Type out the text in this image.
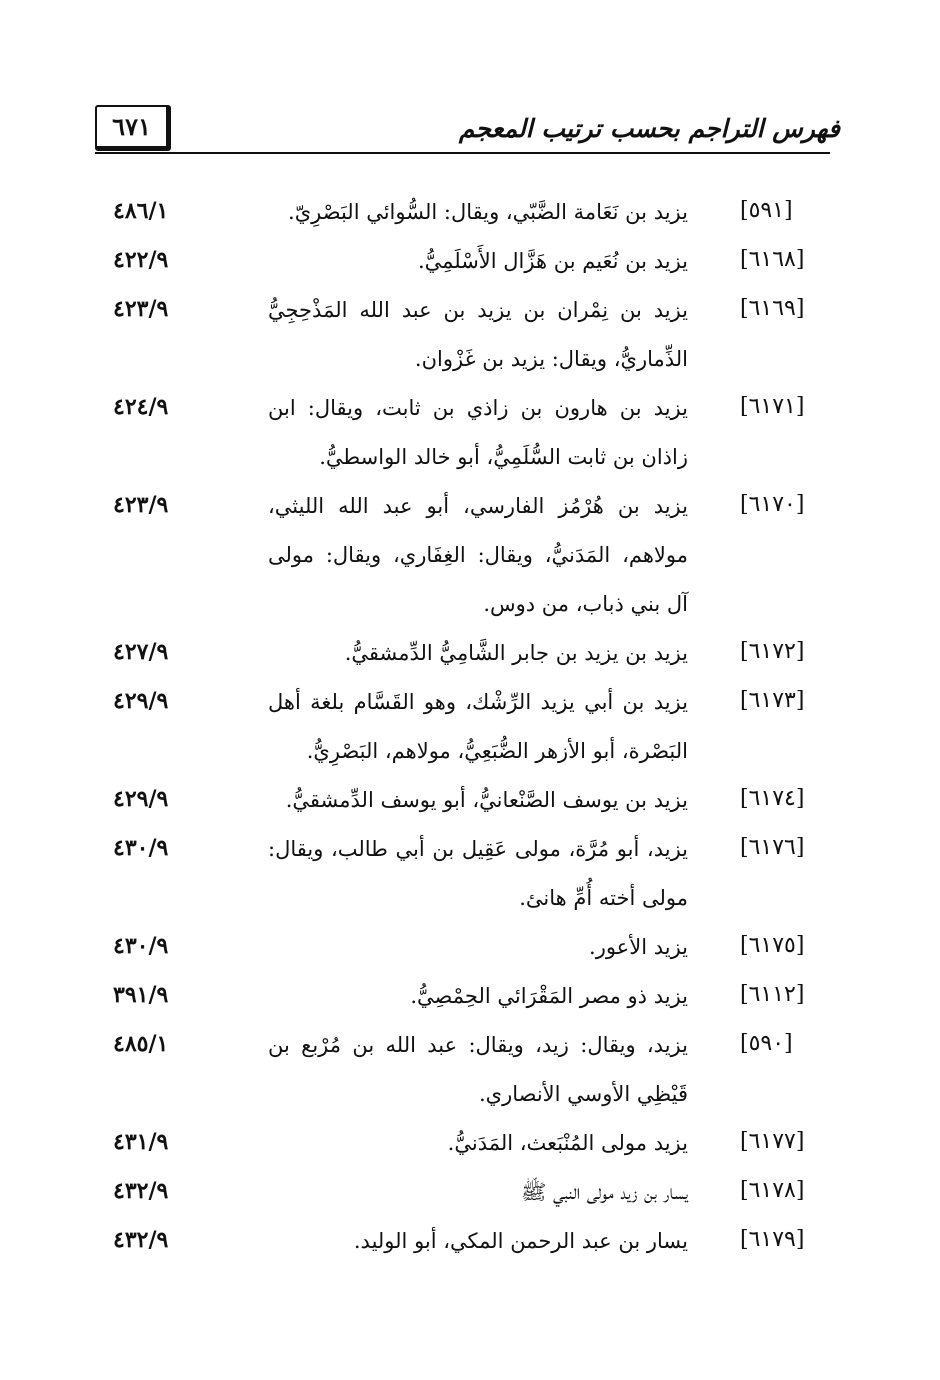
٦٧١	فهرس التراجم بحسب ترتيب المعجم
[٥٩١]
يزيد بن نَعَامة الضَّبّي، ويقال: السُّوائي البَصْرِيّ.
٤٨٦/١
[٦١٦٨]
يزيد بن نُعَيم بن هَزَّال الأَسْلَمِيُّ.
٤٢٢/٩
[٦١٦٩]
يزيد بن نِمْران بن يزيد بن عبد الله المَذْحِجِيُّ الذِّماريُّ، ويقال: يزيد بن غَزْوان.
٤٢٣/٩
[٦١٧١]
يزيد بن هارون بن زاذي بن ثابت، ويقال: ابن زاذان بن ثابت السُّلَمِيُّ، أبو خالد الواسطيُّ.
٤٢٤/٩
[٦١٧٠]
يزيد بن هُرْمُز الفارسي، أبو عبد الله الليثي، مولاهم، المَدَنيُّ، ويقال: الغِفَاري، ويقال: مولى آل بني ذباب، من دوس.
٤٢٣/٩
[٦١٧٢]
يزيد بن يزيد بن جابر الشَّامِيُّ الدِّمشقيُّ.
٤٢٧/٩
[٦١٧٣]
يزيد بن أبي يزيد الرِّشْك، وهو القَسَّام بلغة أهل البَصْرة، أبو الأزهر الضُّبَعِيُّ، مولاهم، البَصْرِيُّ.
٤٢٩/٩
[٦١٧٤]
يزيد بن يوسف الصَّنْعانيُّ، أبو يوسف الدِّمشقيُّ.
٤٢٩/٩
[٦١٧٦]
يزيد، أبو مُرَّة، مولى عَقِيل بن أبي طالب، ويقال: مولى أخته أُمِّ هانئ.
٤٣٠/٩
[٦١٧٥]
يزيد الأعور.
٤٣٠/٩
[٦١١٢]
يزيد ذو مصر المَقْرَائي الحِمْصِيُّ.
٣٩١/٩
[٥٩٠]
يزيد، ويقال: زيد، ويقال: عبد الله بن مُرْبع بن قَيْظِي الأوسي الأنصاري.
٤٨٥/١
[٦١٧٧]
يزيد مولى المُنْبَعث، المَدَنيُّ.
٤٣١/٩
[٦١٧٨]
يسار بن زيد مولى النبي ﷺ
٤٣٢/٩
[٦١٧٩]
يسار بن عبد الرحمن المكي، أبو الوليد.
٤٣٢/٩
